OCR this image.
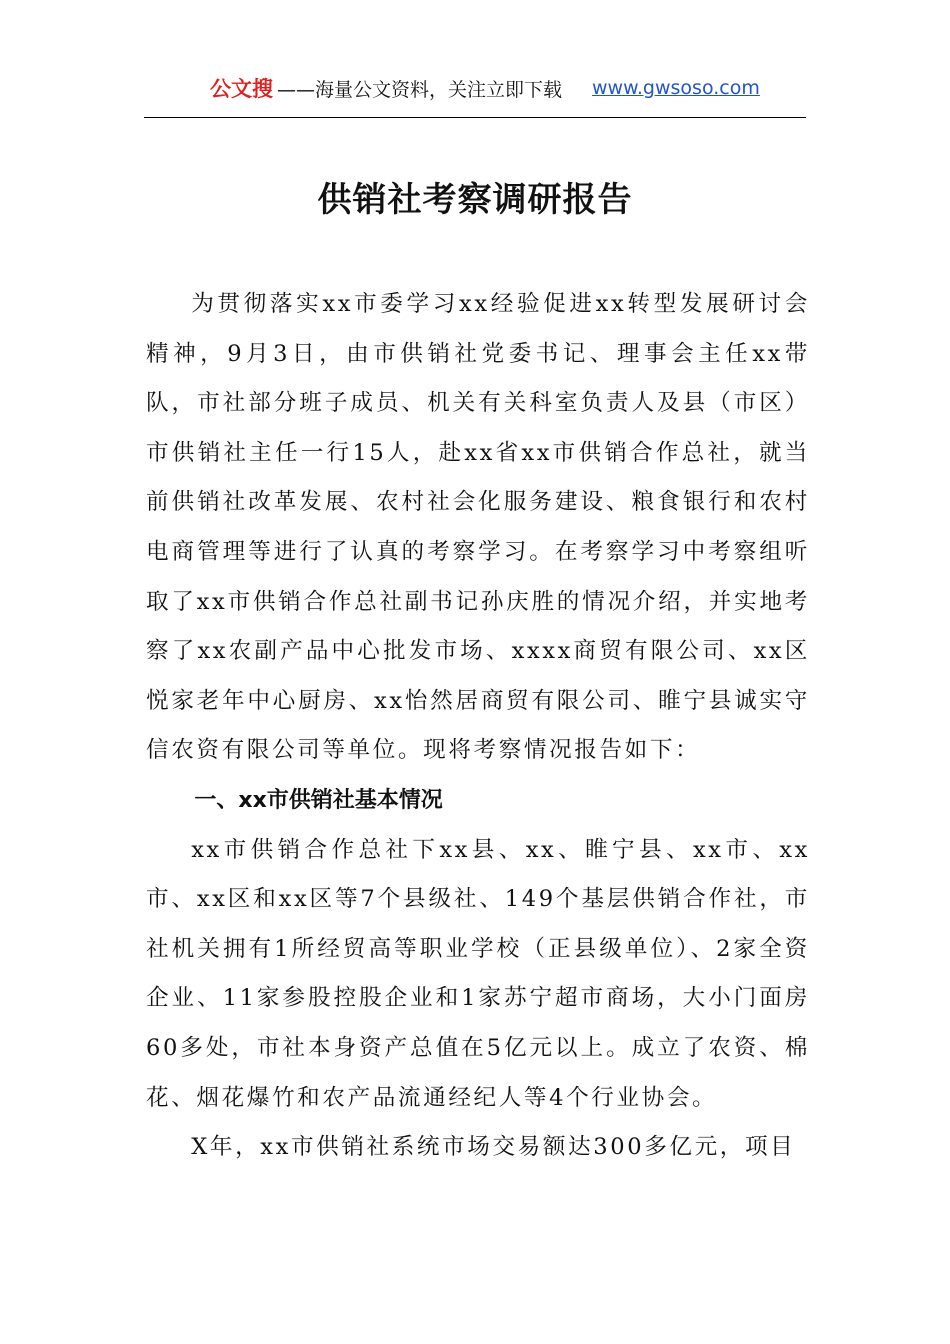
公文搜 ——海量公文资料，关注立即下载 www.gwsoso.com
供销社考察调研报告

为贯彻落实xx市委学习xx经验促进xx转型发展研讨会精神，9月3日，由市供销社党委书记、理事会主任xx带队，市社部分班子成员、机关有关科室负责人及县（市区）市供销社主任一行15人，赴xx省xx市供销合作总社，就当前供销社改革发展、农村社会化服务建设、粮食银行和农村电商管理等进行了认真的考察学习。在考察学习中考察组听取了xx市供销合作总社副书记孙庆胜的情况介绍，并实地考察了xx农副产品中心批发市场、xxxx商贸有限公司、xx区悦家老年中心厨房、xx怡然居商贸有限公司、睢宁县诚实守信农资有限公司等单位。现将考察情况报告如下：

一、xx市供销社基本情况

xx市供销合作总社下xx县、xx、睢宁县、xx市、xx市、xx区和xx区等7个县级社、149个基层供销合作社，市社机关拥有1所经贸高等职业学校（正县级单位）、2家全资企业、11家参股控股企业和1家苏宁超市商场，大小门面房60多处，市社本身资产总值在5亿元以上。成立了农资、棉花、烟花爆竹和农产品流通经纪人等4个行业协会。

X年，xx市供销社系统市场交易额达300多亿元，项目
